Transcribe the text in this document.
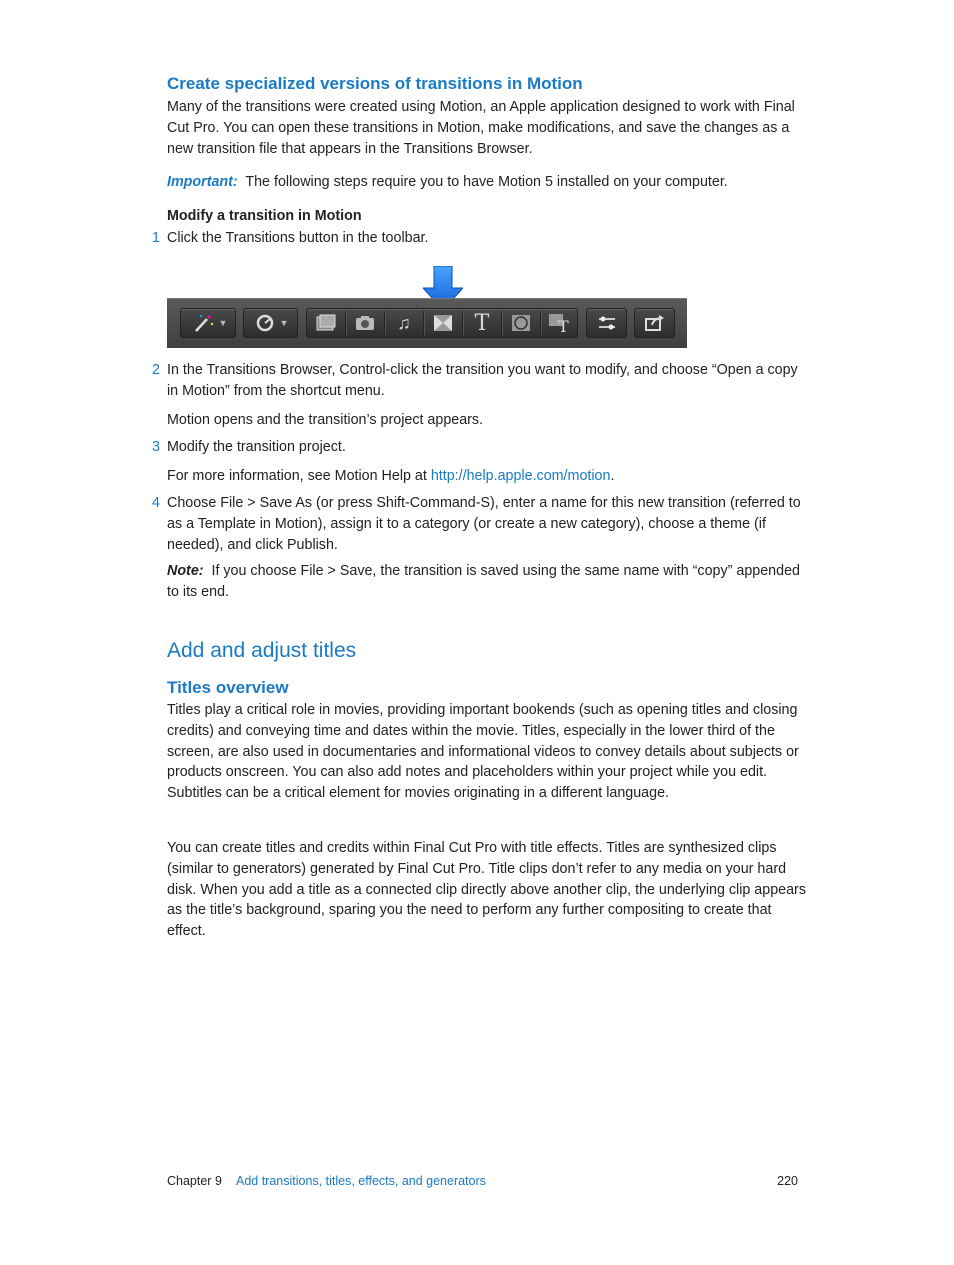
Create specialized versions of transitions in Motion

Many of the transitions were created using Motion, an Apple application designed to work with Final Cut Pro. You can open these transitions in Motion, make modifications, and save the changes as a new transition file that appears in the Transitions Browser.

Important: The following steps require you to have Motion 5 installed on your computer.

Modify a transition in Motion
1 Click the Transitions button in the toolbar.
▼	▼	♫	T	T
2 In the Transitions Browser, Control-click the transition you want to modify, and choose “Open a copy in Motion” from the shortcut menu.
Motion opens and the transition’s project appears.
3 Modify the transition project.
For more information, see Motion Help at http://help.apple.com/motion.
4 Choose File > Save As (or press Shift-Command-S), enter a name for this new transition (referred to as a Template in Motion), assign it to a category (or create a new category), choose a theme (if needed), and click Publish.
Note: If you choose File > Save, the transition is saved using the same name with “copy” appended to its end.
Add and adjust titles
Titles overview
Titles play a critical role in movies, providing important bookends (such as opening titles and closing credits) and conveying time and dates within the movie. Titles, especially in the lower third of the screen, are also used in documentaries and informational videos to convey details about subjects or products onscreen. You can also add notes and placeholders within your project while you edit. Subtitles can be a critical element for movies originating in a different language.
You can create titles and credits within Final Cut Pro with title effects. Titles are synthesized clips (similar to generators) generated by Final Cut Pro. Title clips don’t refer to any media on your hard disk. When you add a title as a connected clip directly above another clip, the underlying clip appears as the title’s background, sparing you the need to perform any further compositing to create that effect.
Chapter 9 Add transitions, titles, effects, and generators	220
